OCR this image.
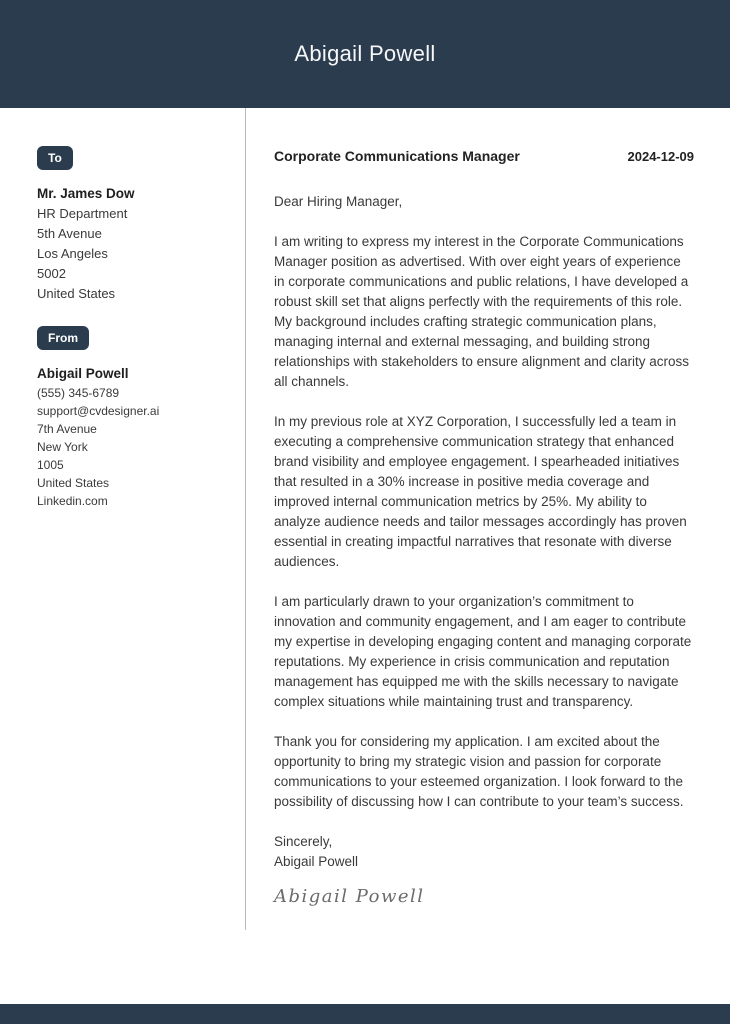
Abigail Powell
To
Mr. James Dow
HR Department
5th Avenue
Los Angeles
5002
United States
From
Abigail Powell
(555) 345-6789
support@cvdesigner.ai
7th Avenue
New York
1005
United States
Linkedin.com
Corporate Communications Manager	2024-12-09

Dear Hiring Manager,

I am writing to express my interest in the Corporate Communications Manager position as advertised. With over eight years of experience in corporate communications and public relations, I have developed a robust skill set that aligns perfectly with the requirements of this role. My background includes crafting strategic communication plans, managing internal and external messaging, and building strong relationships with stakeholders to ensure alignment and clarity across all channels.

In my previous role at XYZ Corporation, I successfully led a team in executing a comprehensive communication strategy that enhanced brand visibility and employee engagement. I spearheaded initiatives that resulted in a 30% increase in positive media coverage and improved internal communication metrics by 25%. My ability to analyze audience needs and tailor messages accordingly has proven essential in creating impactful narratives that resonate with diverse audiences.

I am particularly drawn to your organization’s commitment to innovation and community engagement, and I am eager to contribute my expertise in developing engaging content and managing corporate reputations. My experience in crisis communication and reputation management has equipped me with the skills necessary to navigate complex situations while maintaining trust and transparency.

Thank you for considering my application. I am excited about the opportunity to bring my strategic vision and passion for corporate communications to your esteemed organization. I look forward to the possibility of discussing how I can contribute to your team’s success.

Sincerely,

Abigail Powell

Abigail Powell
